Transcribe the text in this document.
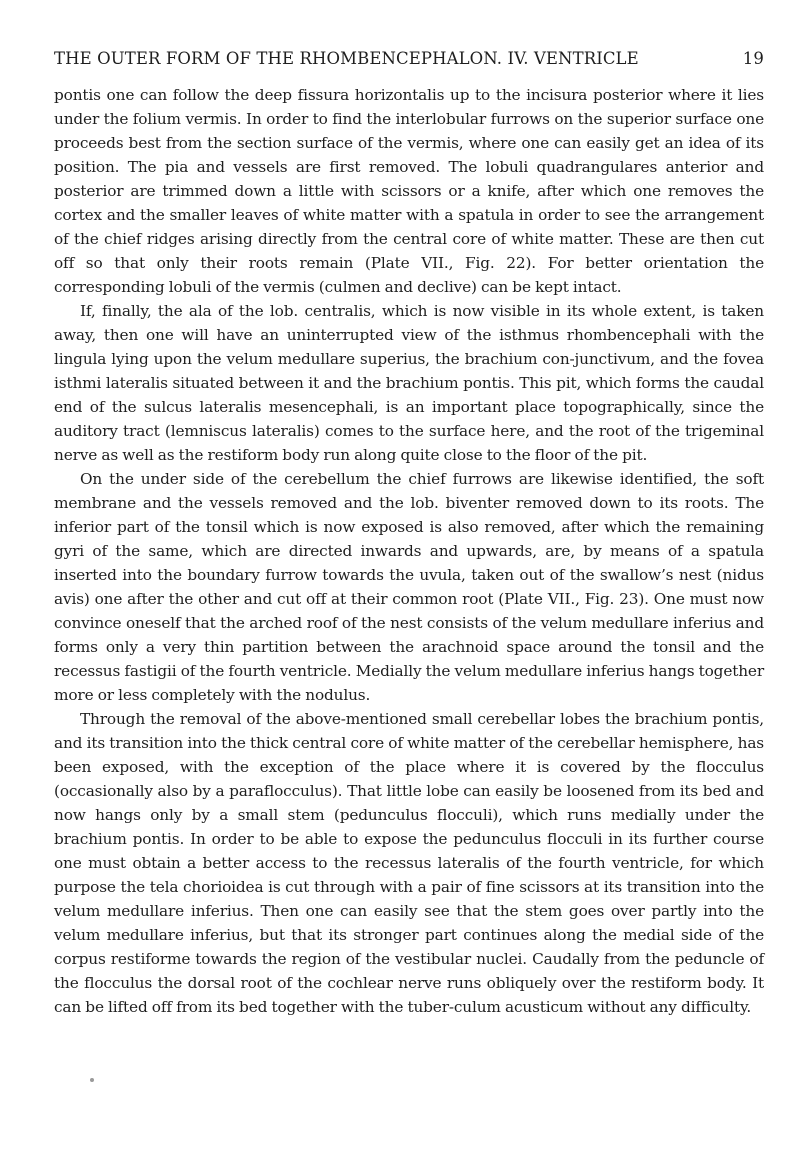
THE OUTER FORM OF THE RHOMBENCEPHALON. IV. VENTRICLE	19

pontis one can follow the deep fissura horizontalis up to the incisura posterior where it lies under the folium vermis. In order to find the interlobular furrows on the superior surface one proceeds best from the section surface of the vermis, where one can easily get an idea of its position. The pia and vessels are first removed. The lobuli quadrangulares anterior and posterior are trimmed down a little with scissors or a knife, after which one removes the cortex and the smaller leaves of white matter with a spatula in order to see the arrangement of the chief ridges arising directly from the central core of white matter. These are then cut off so that only their roots remain (Plate VII., Fig. 22). For better orientation the corresponding lobuli of the vermis (culmen and declive) can be kept intact.

If, finally, the ala of the lob. centralis, which is now visible in its whole extent, is taken away, then one will have an uninterrupted view of the isthmus rhombencephali with the lingula lying upon the velum medullare superius, the brachium con-junctivum, and the fovea isthmi lateralis situated between it and the brachium pontis. This pit, which forms the caudal end of the sulcus lateralis mesencephali, is an important place topographically, since the auditory tract (lemniscus lateralis) comes to the surface here, and the root of the trigeminal nerve as well as the restiform body run along quite close to the floor of the pit.

On the under side of the cerebellum the chief furrows are likewise identified, the soft membrane and the vessels removed and the lob. biventer removed down to its roots. The inferior part of the tonsil which is now exposed is also removed, after which the remaining gyri of the same, which are directed inwards and upwards, are, by means of a spatula inserted into the boundary furrow towards the uvula, taken out of the swallow’s nest (nidus avis) one after the other and cut off at their common root (Plate VII., Fig. 23). One must now convince oneself that the arched roof of the nest consists of the velum medullare inferius and forms only a very thin partition between the arachnoid space around the tonsil and the recessus fastigii of the fourth ventricle. Medially the velum medullare inferius hangs together more or less completely with the nodulus.

Through the removal of the above-mentioned small cerebellar lobes the brachium pontis, and its transition into the thick central core of white matter of the cerebellar hemisphere, has been exposed, with the exception of the place where it is covered by the flocculus (occasionally also by a paraflocculus). That little lobe can easily be loosened from its bed and now hangs only by a small stem (pedunculus flocculi), which runs medially under the brachium pontis. In order to be able to expose the pedunculus flocculi in its further course one must obtain a better access to the recessus lateralis of the fourth ventricle, for which purpose the tela chorioidea is cut through with a pair of fine scissors at its transition into the velum medullare inferius. Then one can easily see that the stem goes over partly into the velum medullare inferius, but that its stronger part continues along the medial side of the corpus restiforme towards the region of the vestibular nuclei. Caudally from the peduncle of the flocculus the dorsal root of the cochlear nerve runs obliquely over the restiform body. It can be lifted off from its bed together with the tuber-culum acusticum without any difficulty.
